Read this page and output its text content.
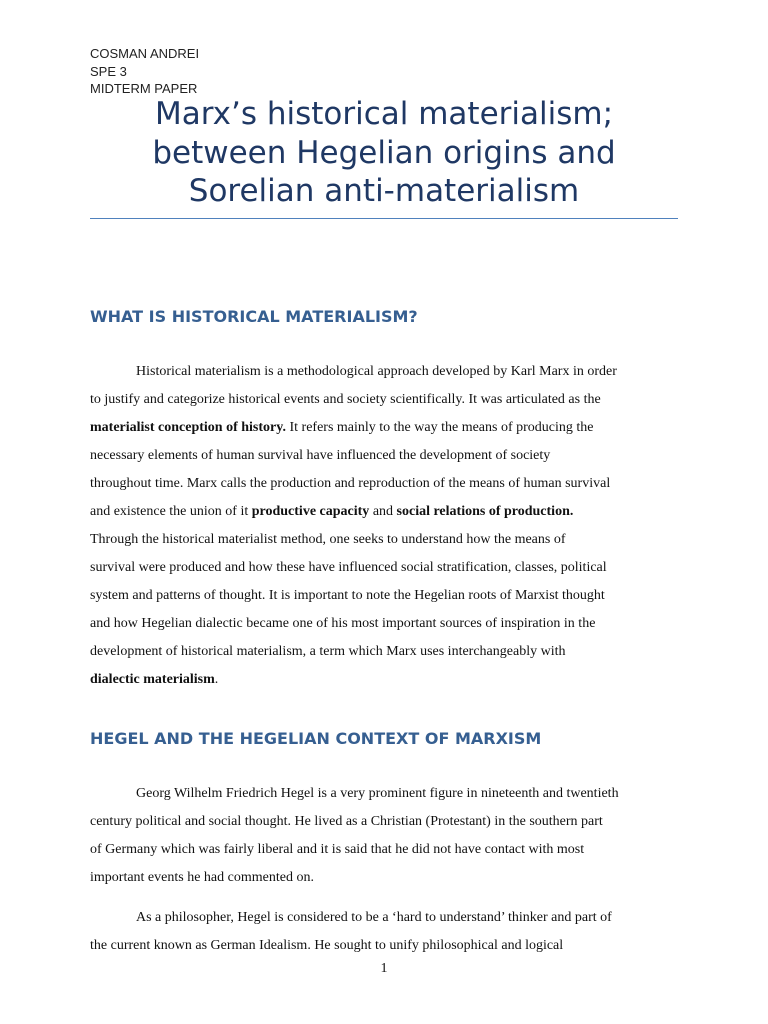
COSMAN ANDREI
SPE 3
MIDTERM PAPER
Marx’s historical materialism;
between Hegelian origins and
Sorelian anti-materialism
WHAT IS HISTORICAL MATERIALISM?
Historical materialism is a methodological approach developed by Karl Marx in order
to justify and categorize historical events and society scientifically. It was articulated as the
materialist conception of history. It refers mainly to the way the means of producing the
necessary elements of human survival have influenced the development of society
throughout time. Marx calls the production and reproduction of the means of human survival
and existence the union of it productive capacity and social relations of production.
Through the historical materialist method, one seeks to understand how the means of
survival were produced and how these have influenced social stratification, classes, political
system and patterns of thought. It is important to note the Hegelian roots of Marxist thought
and how Hegelian dialectic became one of his most important sources of inspiration in the
development of historical materialism, a term which Marx uses interchangeably with
dialectic materialism.
HEGEL AND THE HEGELIAN CONTEXT OF MARXISM
Georg Wilhelm Friedrich Hegel is a very prominent figure in nineteenth and twentieth
century political and social thought. He lived as a Christian (Protestant) in the southern part
of Germany which was fairly liberal and it is said that he did not have contact with most
important events he had commented on.
As a philosopher, Hegel is considered to be a ‘hard to understand’ thinker and part of
the current known as German Idealism. He sought to unify philosophical and logical
1
